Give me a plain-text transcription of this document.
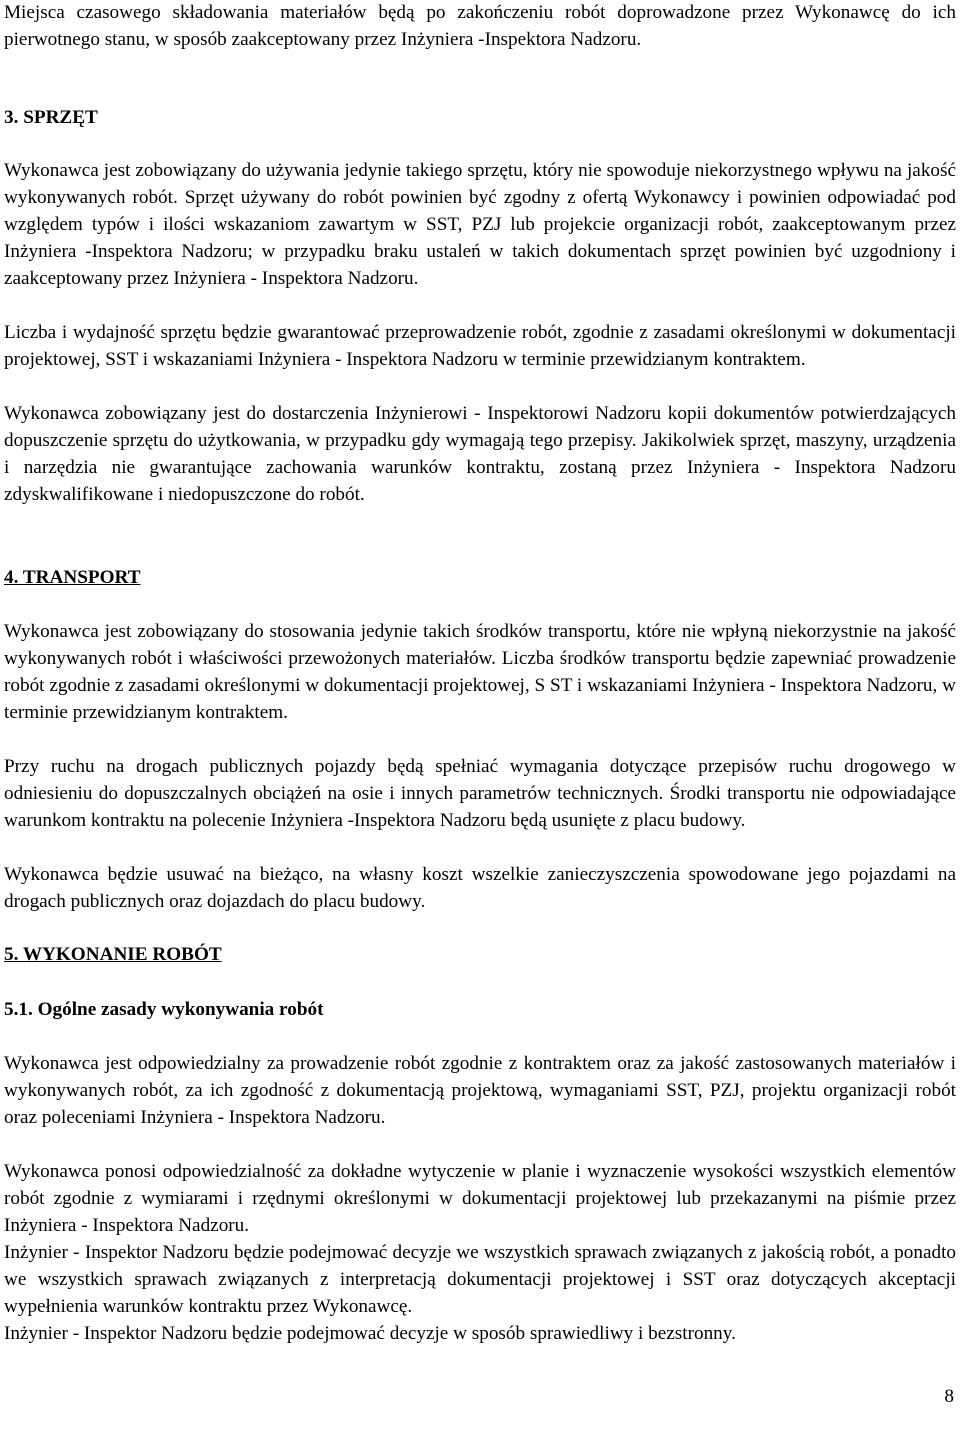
Miejsca czasowego składowania materiałów będą po zakończeniu robót doprowadzone przez Wykonawcę do ich pierwotnego stanu, w sposób zaakceptowany przez Inżyniera -Inspektora Nadzoru.

3. SPRZĘT

Wykonawca jest zobowiązany do używania jedynie takiego sprzętu, który nie spowoduje niekorzystnego wpływu na jakość wykonywanych robót. Sprzęt używany do robót powinien być zgodny z ofertą Wykonawcy i powinien odpowiadać pod względem typów i ilości wskazaniom zawartym w SST, PZJ lub projekcie organizacji robót, zaakceptowanym przez Inżyniera -Inspektora Nadzoru; w przypadku braku ustaleń w takich dokumentach sprzęt powinien być uzgodniony i zaakceptowany przez Inżyniera - Inspektora Nadzoru.

Liczba i wydajność sprzętu będzie gwarantować przeprowadzenie robót, zgodnie z zasadami określonymi w dokumentacji projektowej, SST i wskazaniami Inżyniera - Inspektora Nadzoru w terminie przewidzianym kontraktem.

Wykonawca zobowiązany jest do dostarczenia Inżynierowi - Inspektorowi Nadzoru kopii dokumentów potwierdzających dopuszczenie sprzętu do użytkowania, w przypadku gdy wymagają tego przepisy. Jakikolwiek sprzęt, maszyny, urządzenia i narzędzia nie gwarantujące zachowania warunków kontraktu, zostaną przez Inżyniera - Inspektora Nadzoru zdyskwalifikowane i niedopuszczone do robót.

4. TRANSPORT

Wykonawca jest zobowiązany do stosowania jedynie takich środków transportu, które nie wpłyną niekorzystnie na jakość wykonywanych robót i właściwości przewożonych materiałów. Liczba środków transportu będzie zapewniać prowadzenie robót zgodnie z zasadami określonymi w dokumentacji projektowej, S ST i wskazaniami Inżyniera - Inspektora Nadzoru, w terminie przewidzianym kontraktem.

Przy ruchu na drogach publicznych pojazdy będą spełniać wymagania dotyczące przepisów ruchu drogowego w odniesieniu do dopuszczalnych obciążeń na osie i innych parametrów technicznych. Środki transportu nie odpowiadające warunkom kontraktu na polecenie Inżyniera -Inspektora Nadzoru będą usunięte z placu budowy.

Wykonawca będzie usuwać na bieżąco, na własny koszt wszelkie zanieczyszczenia spowodowane jego pojazdami na drogach publicznych oraz dojazdach do placu budowy.

5. WYKONANIE ROBÓT
5.1. Ogólne zasady wykonywania robót

Wykonawca jest odpowiedzialny za prowadzenie robót zgodnie z kontraktem oraz za jakość zastosowanych materiałów i wykonywanych robót, za ich zgodność z dokumentacją projektową, wymaganiami SST, PZJ, projektu organizacji robót oraz poleceniami Inżyniera - Inspektora Nadzoru.

Wykonawca ponosi odpowiedzialność za dokładne wytyczenie w planie i wyznaczenie wysokości wszystkich elementów robót zgodnie z wymiarami i rzędnymi określonymi w dokumentacji projektowej lub przekazanymi na piśmie przez Inżyniera - Inspektora Nadzoru.

Inżynier - Inspektor Nadzoru będzie podejmować decyzje we wszystkich sprawach związanych z jakością robót, a ponadto we wszystkich sprawach związanych z interpretacją dokumentacji projektowej i SST oraz dotyczących akceptacji wypełnienia warunków kontraktu przez Wykonawcę.

Inżynier - Inspektor Nadzoru będzie podejmować decyzje w sposób sprawiedliwy i bezstronny.

8
